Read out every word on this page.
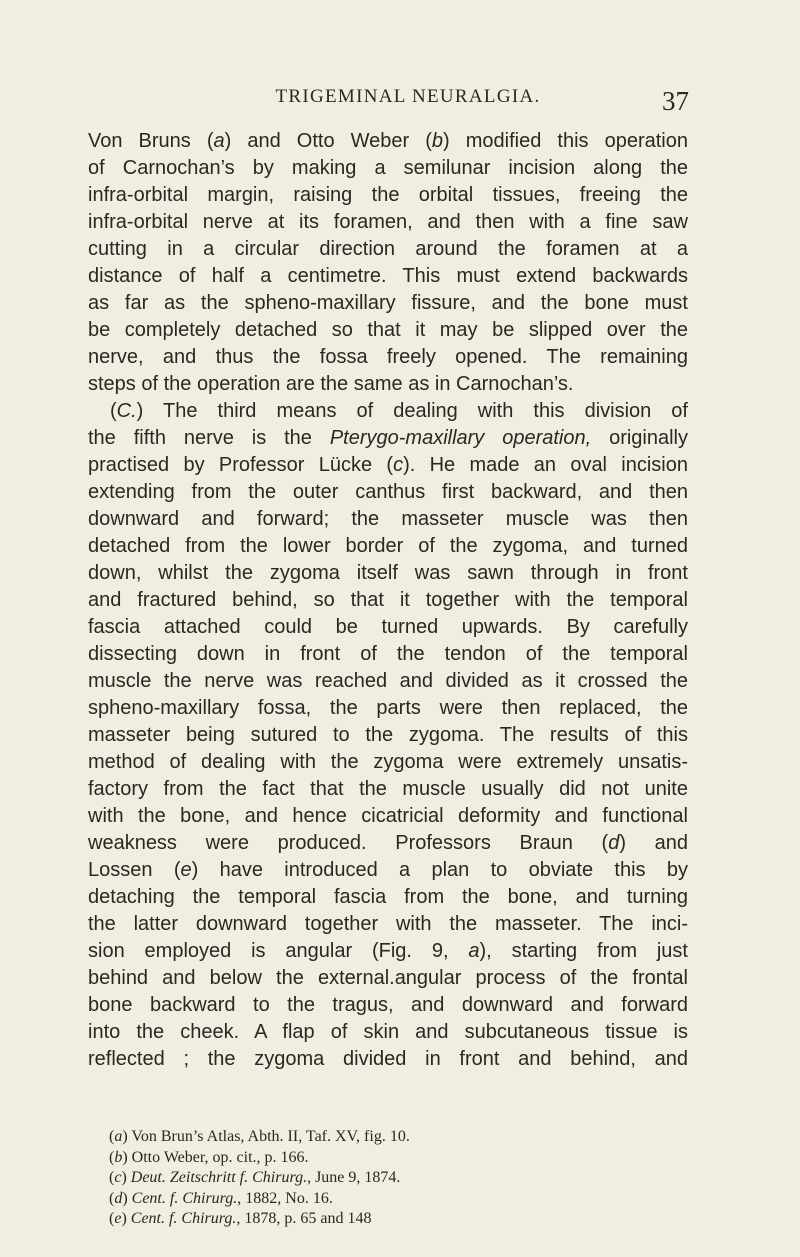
TRIGEMINAL NEURALGIA.	37
Von Bruns (a) and Otto Weber (b) modified this operation
of Carnochan’s by making a semilunar incision along the
infra-orbital margin, raising the orbital tissues, freeing the
infra-orbital nerve at its foramen, and then with a fine saw
cutting in a circular direction around the foramen at a
distance of half a centimetre. This must extend backwards
as far as the spheno-maxillary fissure, and the bone must
be completely detached so that it may be slipped over the
nerve, and thus the fossa freely opened. The remaining
steps of the operation are the same as in Carnochan’s.
(C.) The third means of dealing with this division of
the fifth nerve is the Pterygo-maxillary operation, originally
practised by Professor Lücke (c). He made an oval incision
extending from the outer canthus first backward, and then
downward and forward; the masseter muscle was then
detached from the lower border of the zygoma, and turned
down, whilst the zygoma itself was sawn through in front
and fractured behind, so that it together with the temporal
fascia attached could be turned upwards. By carefully
dissecting down in front of the tendon of the temporal
muscle the nerve was reached and divided as it crossed the
spheno-maxillary fossa, the parts were then replaced, the
masseter being sutured to the zygoma. The results of this
method of dealing with the zygoma were extremely unsatis-
factory from the fact that the muscle usually did not unite
with the bone, and hence cicatricial deformity and functional
weakness were produced. Professors Braun (d) and
Lossen (e) have introduced a plan to obviate this by
detaching the temporal fascia from the bone, and turning
the latter downward together with the masseter. The inci-
sion employed is angular (Fig. 9, a), starting from just
behind and below the external.angular process of the frontal
bone backward to the tragus, and downward and forward
into the cheek. A flap of skin and subcutaneous tissue is
reflected ; the zygoma divided in front and behind, and
(a) Von Brun’s Atlas, Abth. II, Taf. XV, fig. 10.
(b) Otto Weber, op. cit., p. 166.
(c) Deut. Zeitschritt f. Chirurg., June 9, 1874.
(d) Cent. f. Chirurg., 1882, No. 16.
(e) Cent. f. Chirurg., 1878, p. 65 and 148
